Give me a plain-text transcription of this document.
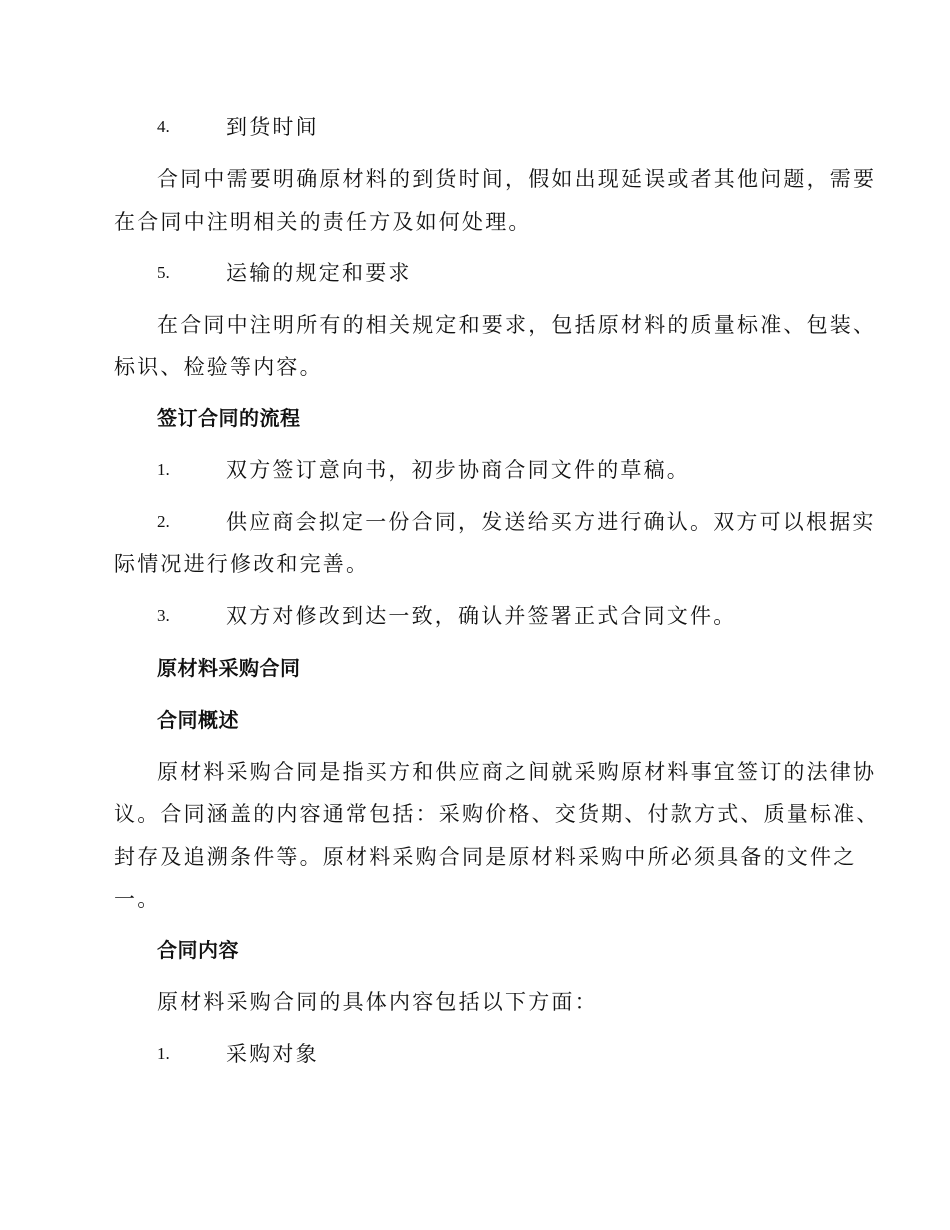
4.	到货时间
合同中需要明确原材料的到货时间，假如出现延误或者其他问题，需要
在合同中注明相关的责任方及如何处理。
5.	运输的规定和要求
在合同中注明所有的相关规定和要求，包括原材料的质量标准、包装、
标识、检验等内容。
签订合同的流程
1.	双方签订意向书，初步协商合同文件的草稿。
2.	供应商会拟定一份合同，发送给买方进行确认。双方可以根据实
际情况进行修改和完善。
3.	双方对修改到达一致，确认并签署正式合同文件。
原材料采购合同
合同概述
原材料采购合同是指买方和供应商之间就采购原材料事宜签订的法律协
议。合同涵盖的内容通常包括：采购价格、交货期、付款方式、质量标准、
封存及追溯条件等。原材料采购合同是原材料采购中所必须具备的文件之
一。
合同内容
原材料采购合同的具体内容包括以下方面：
1.	采购对象
